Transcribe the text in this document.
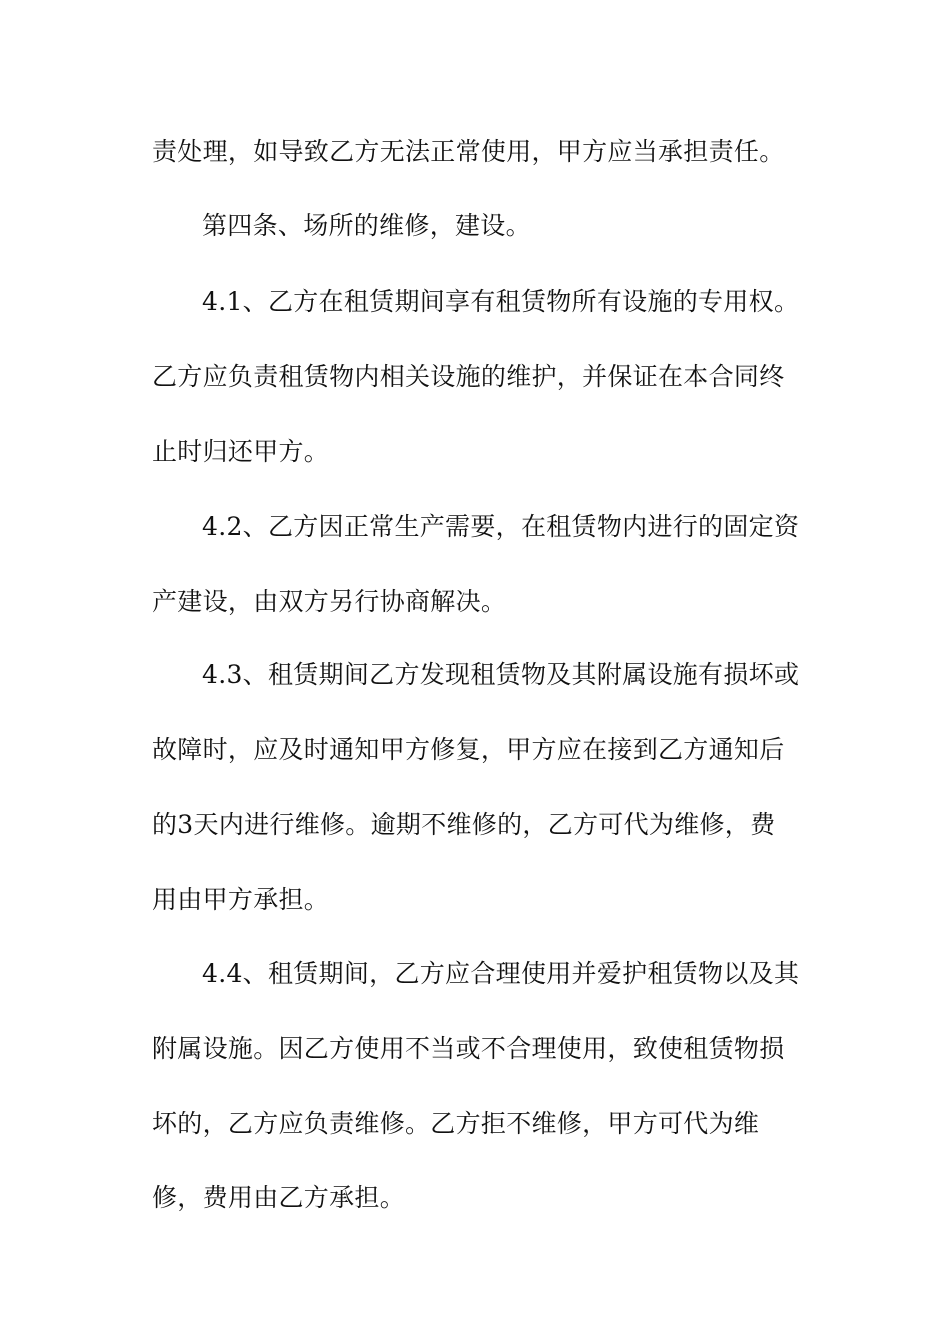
责处理，如导致乙方无法正常使用，甲方应当承担责任。
第四条、场所的维修，建设。
4.1、乙方在租赁期间享有租赁物所有设施的专用权。
乙方应负责租赁物内相关设施的维护，并保证在本合同终
止时归还甲方。
4.2、乙方因正常生产需要，在租赁物内进行的固定资
产建设，由双方另行协商解决。
4.3、租赁期间乙方发现租赁物及其附属设施有损坏或
故障时，应及时通知甲方修复，甲方应在接到乙方通知后
的3天内进行维修。逾期不维修的，乙方可代为维修，费
用由甲方承担。
4.4、租赁期间，乙方应合理使用并爱护租赁物以及其
附属设施。因乙方使用不当或不合理使用，致使租赁物损
坏的，乙方应负责维修。乙方拒不维修，甲方可代为维
修，费用由乙方承担。
